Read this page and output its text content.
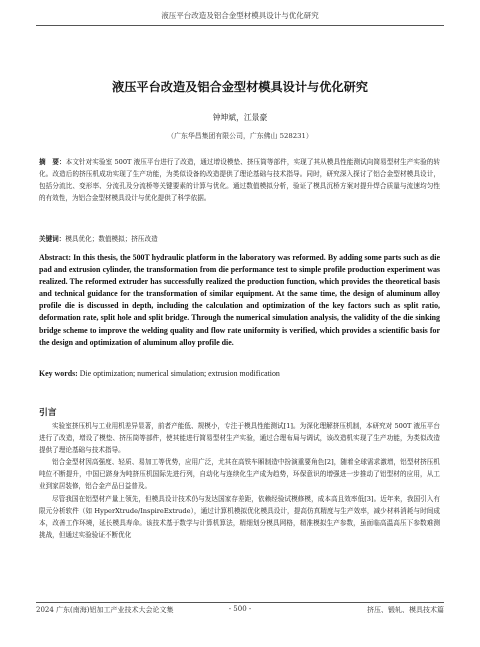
液压平台改造及铝合金型材模具设计与优化研究
液压平台改造及铝合金型材模具设计与优化研究
钟坤斌，江景豪
（广东华昌集团有限公司，广东佛山 528231）
摘　要：本文针对实验室 500T 液压平台进行了改造，通过增设模垫、挤压筒等部件，实现了其从模具性能测试向简易型材生产实验的转化。改造后的挤压机成功实现了生产功能，为类似设备的改造提供了理论基础与技术指导。同时，研究深入探讨了铝合金型材模具设计，包括分流比、变形率、分流孔及分流桥等关键要素的计算与优化。通过数值模拟分析，验证了模具沉桥方案对提升焊合质量与流速均匀性的有效性，为铝合金型材模具设计与优化提供了科学依据。
关键词：模具优化；数值模拟；挤压改造
Abstract: In this thesis, the 500T hydraulic platform in the laboratory was reformed. By adding some parts such as die pad and extrusion cylinder, the transformation from die performance test to simple profile production experiment was realized. The reformed extruder has successfully realized the production function, which provides the theoretical basis and technical guidance for the transformation of similar equipment. At the same time, the design of aluminum alloy profile die is discussed in depth, including the calculation and optimization of the key factors such as split ratio, deformation rate, split hole and split bridge. Through the numerical simulation analysis, the validity of the die sinking bridge scheme to improve the welding quality and flow rate uniformity is verified, which provides a scientific basis for the design and optimization of aluminum alloy profile die.
Key words: Die optimization; numerical simulation; extrusion modification
引言

实验室挤压机与工业用机差异显著，前者产能低、规模小，专注于模具性能测试[1]。为深化理解挤压机制，本研究对 500T 液压平台进行了改造，增设了模垫、挤压筒等部件，使其能进行简易型材生产实验，通过合理布局与调试，该改造机实现了生产功能，为类似改造提供了理论基础与技术指导。

铝合金型材因高强度、轻质、易加工等优势，应用广泛，尤其在高铁车厢制造中扮演重要角色[2]，随着全球需求激增，铝型材挤压机吨位不断提升，中国已跻身为吨挤压机国际先进行列，自动化与连续化生产成为趋势，环保意识的增强进一步推动了铝型材的应用，从工业到家居装修，铝合金产品日益普及。

尽管我国在铝型材产量上领先，但模具设计技术仍与发达国家存差距，依赖经验试模修模，成本高且效率低[3]。近年来，我国引入有限元分析软件（如 HyperXtrude/InspireExtrude），通过计算机模拟优化模具设计，提高仿真精度与生产效率，减少材料消耗与时间成本，改善工作环境，延长模具寿命。该技术基于数学与计算机算法，精细划分模具网格，精准模拟生产参数，虽面临高温高压下参数难测挑战，但通过实验验证不断优化

2024 广东(南海)铝加工产业技术大会论文集	- 500 -	挤压、锻轧、模具技术篇
